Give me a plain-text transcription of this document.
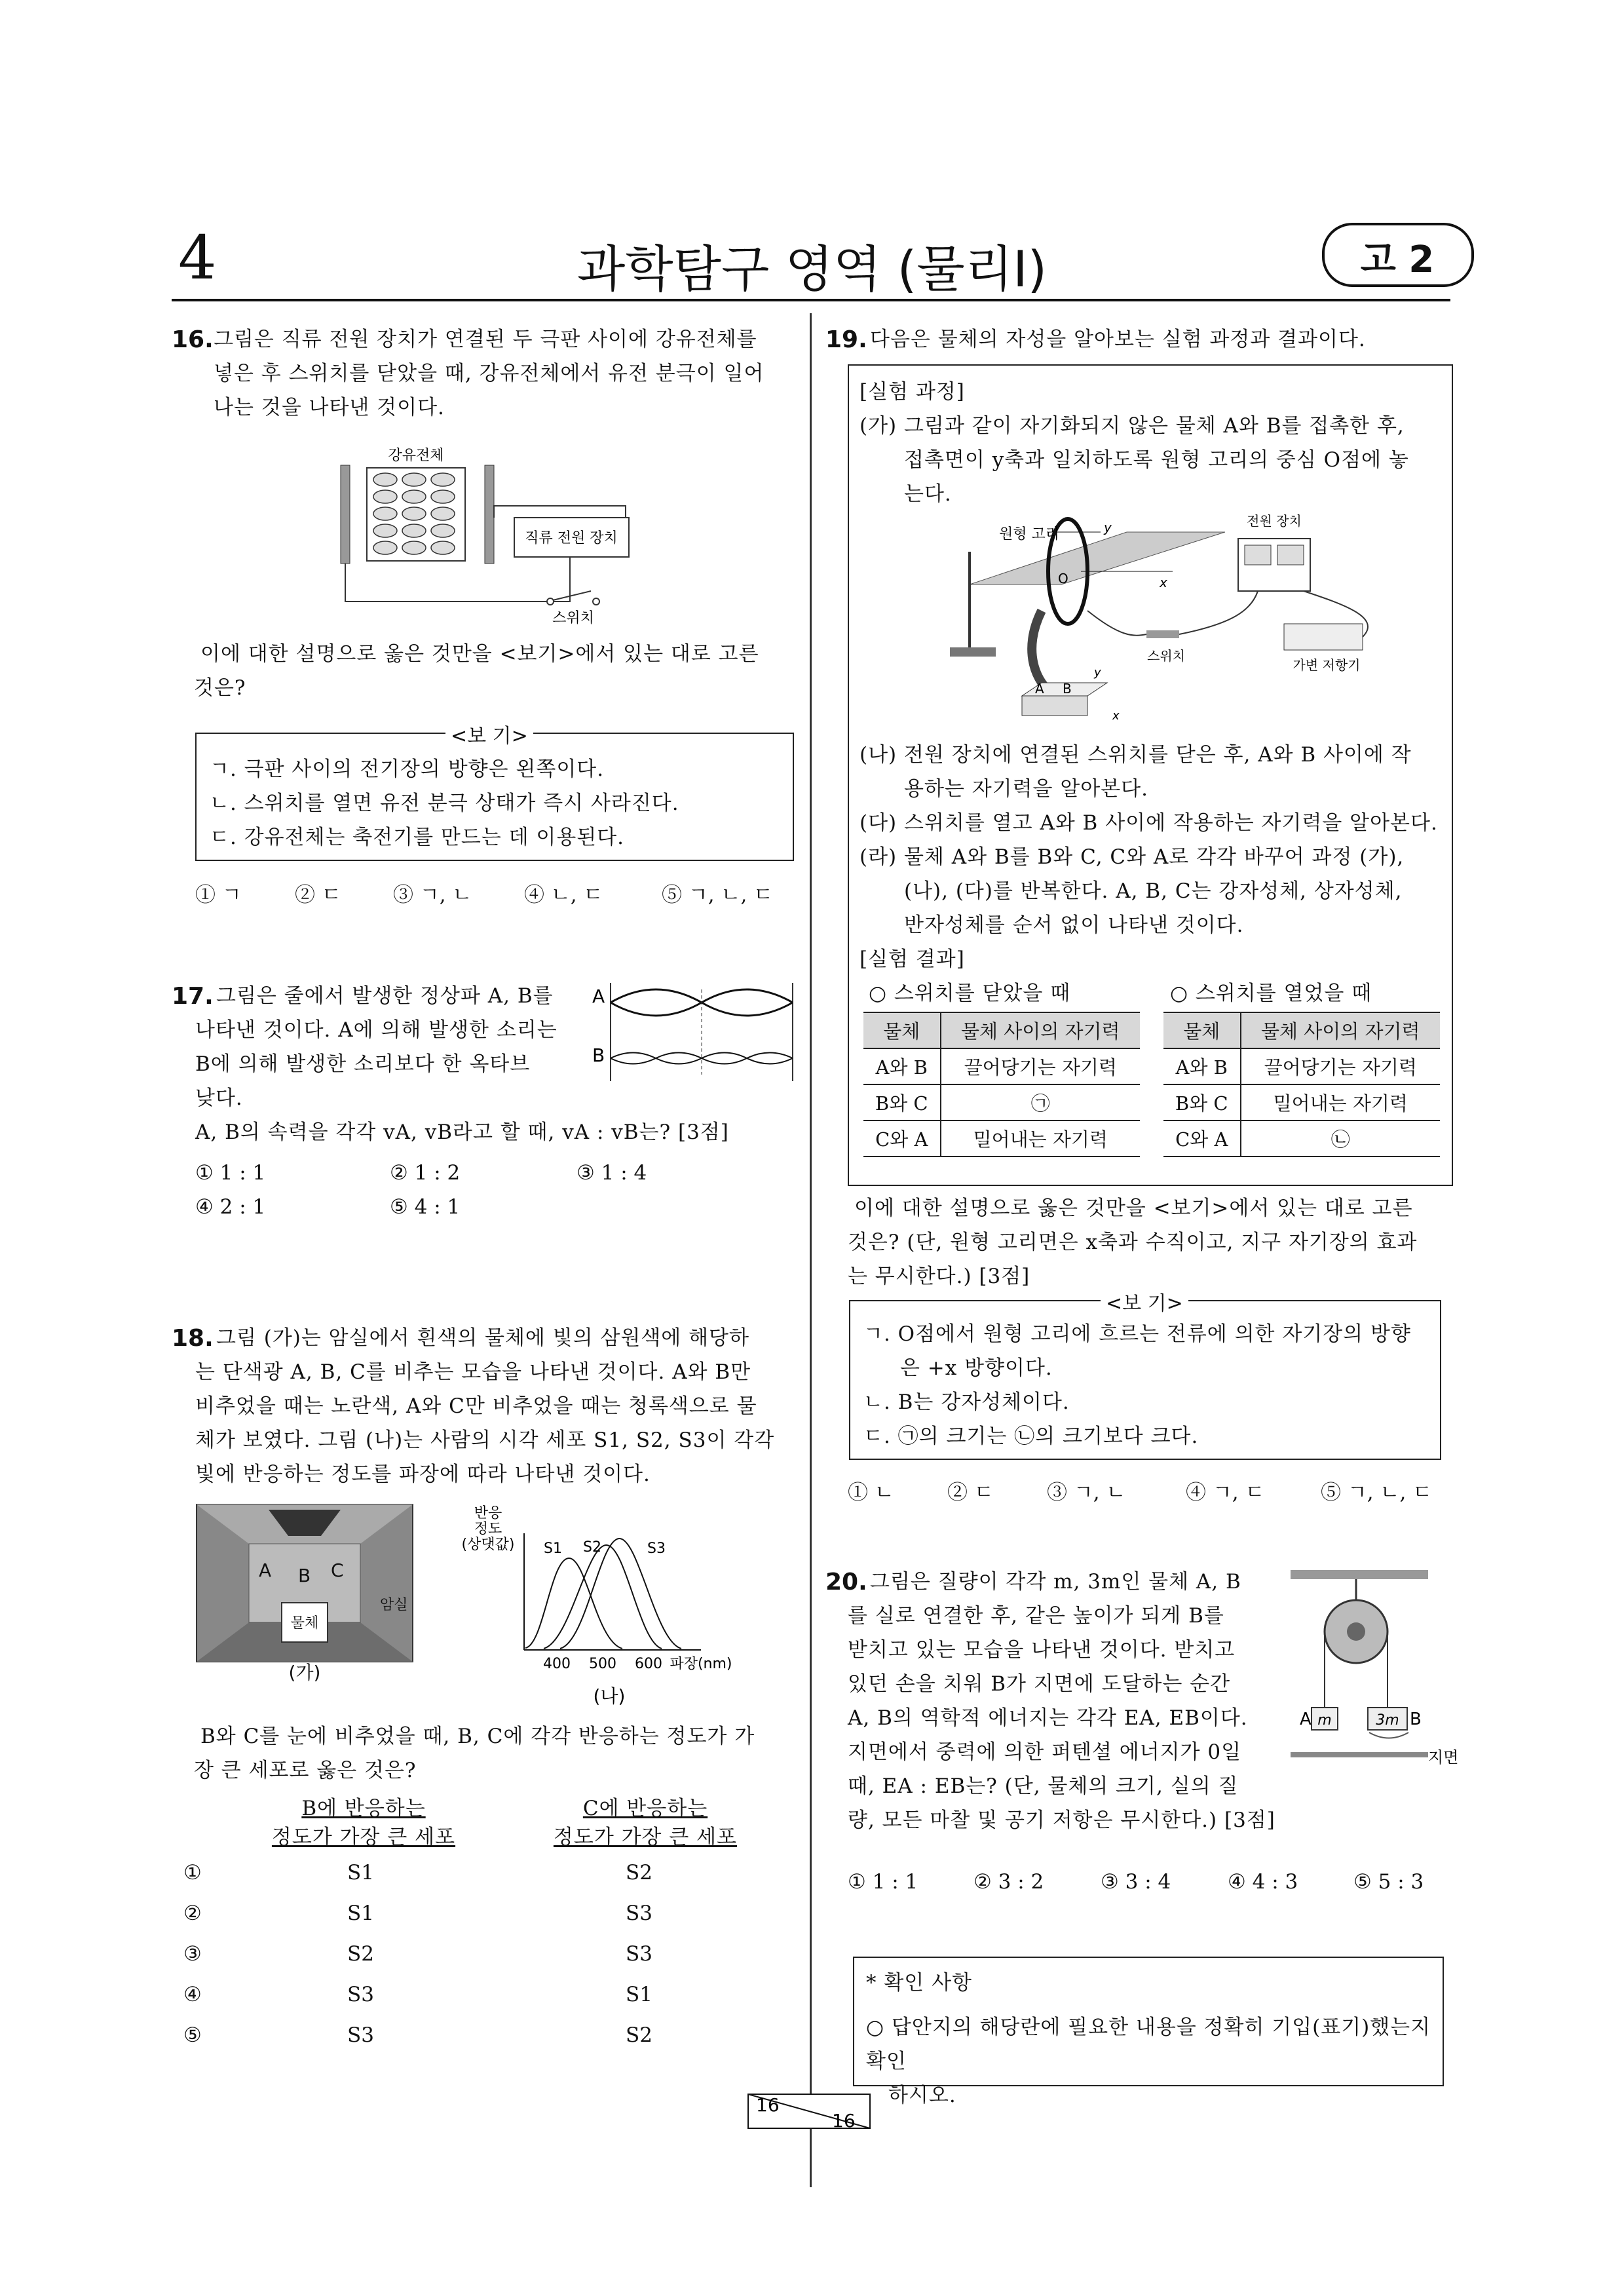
4	과학탐구 영역 (물리Ⅰ)	고 2
16. 그림은 직류 전원 장치가 연결된 두 극판 사이에 강유전체를
넣은 후 스위치를 닫았을 때, 강유전체에서 유전 분극이 일어
나는 것을 나타낸 것이다.
직류 전원 장치
강유전체
스위치
이에 대한 설명으로 옳은 것만을 <보기>에서 있는 대로 고른
것은?
<보 기>
ㄱ. 극판 사이의 전기장의 방향은 왼쪽이다.
ㄴ. 스위치를 열면 유전 분극 상태가 즉시 사라진다.
ㄷ. 강유전체는 축전기를 만드는 데 이용된다.
① ㄱ	② ㄷ	③ ㄱ, ㄴ	④ ㄴ, ㄷ	⑤ ㄱ, ㄴ, ㄷ
17. 그림은 줄에서 발생한 정상파 A, B를
나타낸 것이다. A에 의해 발생한 소리는
B에 의해 발생한 소리보다 한 옥타브
낮다.
A, B의 속력을 각각 vA, vB라고 할 때, vA : vB는? [3점]
A
B
① 1 : 1	② 1 : 2	③ 1 : 4
④ 2 : 1	⑤ 4 : 1
18. 그림 (가)는 암실에서 흰색의 물체에 빛의 삼원색에 해당하
는 단색광 A, B, C를 비추는 모습을 나타낸 것이다. A와 B만
비추었을 때는 노란색, A와 C만 비추었을 때는 청록색으로 물
체가 보였다. 그림 (나)는 사람의 시각 세포 S1, S2, S3이 각각
빛에 반응하는 정도를 파장에 따라 나타낸 것이다.
물체
A B C
암실
(가)
반응
정도
(상댓값) S1 S2	S3
400 500 600 파장(nm)
(나)
B와 C를 눈에 비추었을 때, B, C에 각각 반응하는 정도가 가
장 큰 세포로 옳은 것은?
B에 반응하는
정도가 가장 큰 세포
C에 반응하는
정도가 가장 큰 세포
①	S1	S2
②	S1	S3
③	S2	S3
④	S3	S1
⑤	S3	S2
19. 다음은 물체의 자성을 알아보는 실험 과정과 결과이다.
[실험 과정]
(가) 그림과 같이 자기화되지 않은 물체 A와 B를 접촉한 후,
접촉면이 y축과 일치하도록 원형 고리의 중심 O점에 놓
는다.
y
x
O
원형 고리
A B
y
x
전원 장치
가변 저항기
스위치
(나) 전원 장치에 연결된 스위치를 닫은 후, A와 B 사이에 작
용하는 자기력을 알아본다.
(다) 스위치를 열고 A와 B 사이에 작용하는 자기력을 알아본다.
(라) 물체 A와 B를 B와 C, C와 A로 각각 바꾸어 과정 (가),
(나), (다)를 반복한다. A, B, C는 강자성체, 상자성체,
반자성체를 순서 없이 나타낸 것이다.
[실험 결과]
○ 스위치를 닫았을 때	○ 스위치를 열었을 때
물체	물체 사이의 자기력
A와 B	끌어당기는 자기력
B와 C	㉠
C와 A	밀어내는 자기력
물체	물체 사이의 자기력
A와 B	끌어당기는 자기력
B와 C	밀어내는 자기력
C와 A	㉡
이에 대한 설명으로 옳은 것만을 <보기>에서 있는 대로 고른
것은? (단, 원형 고리면은 x축과 수직이고, 지구 자기장의 효과
는 무시한다.) [3점]
<보 기>
ㄱ. O점에서 원형 고리에 흐르는 전류에 의한 자기장의 방향
은 +x 방향이다.
ㄴ. B는 강자성체이다.
ㄷ. ㉠의 크기는 ㉡의 크기보다 크다.
① ㄴ	② ㄷ	③ ㄱ, ㄴ	④ ㄱ, ㄷ	⑤ ㄱ, ㄴ, ㄷ
20. 그림은 질량이 각각 m, 3m인 물체 A, B
를 실로 연결한 후, 같은 높이가 되게 B를
받치고 있는 모습을 나타낸 것이다. 받치고
있던 손을 치워 B가 지면에 도달하는 순간
A, B의 역학적 에너지는 각각 EA, EB이다.
지면에서 중력에 의한 퍼텐셜 에너지가 0일
때, EA : EB는? (단, 물체의 크기, 실의 질
량, 모든 마찰 및 공기 저항은 무시한다.) [3점]
A	B
m	3m
지면
① 1 : 1	② 3 : 2	③ 3 : 4	④ 4 : 3	⑤ 5 : 3
* 확인 사항
○ 답안지의 해당란에 필요한 내용을 정확히 기입(표기)했는지 확인
하시오.
16
16
